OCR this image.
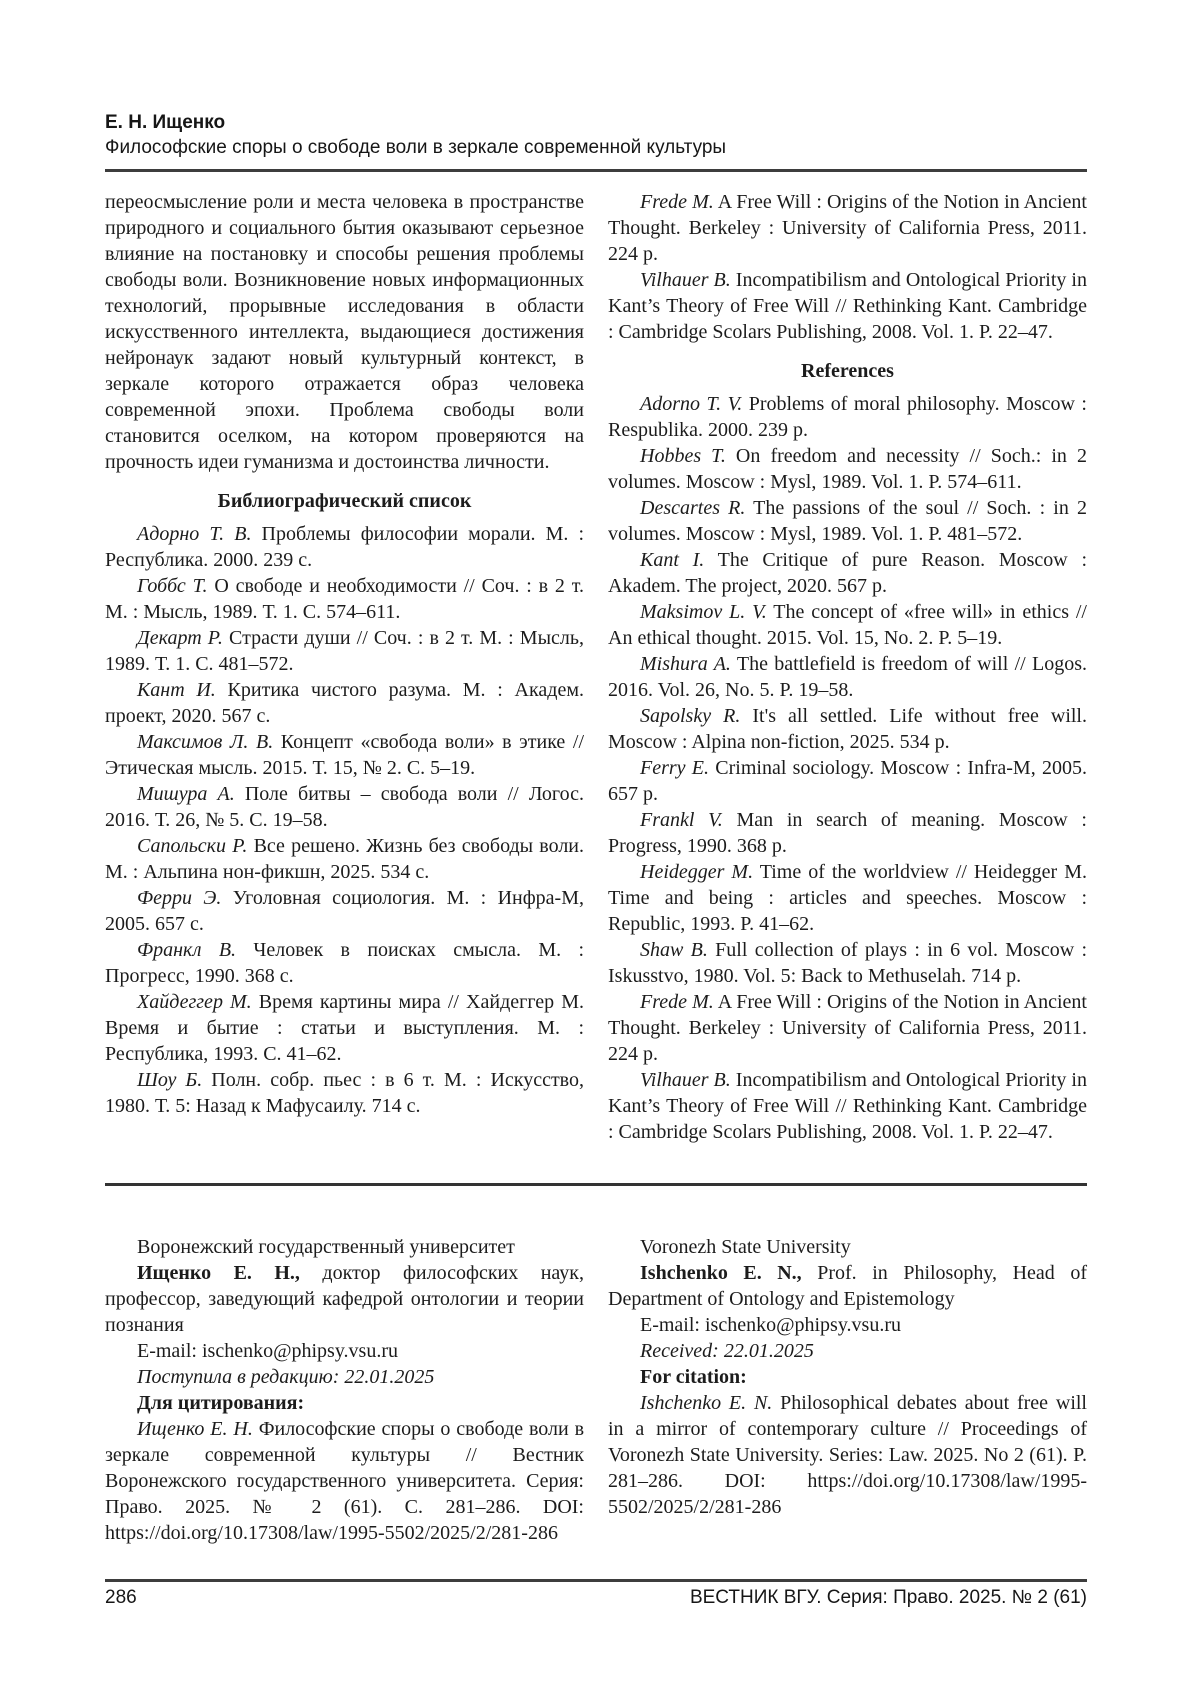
Е. Н. Ищенко
Философские споры о свободе воли в зеркале современной культуры

переосмысление роли и места человека в пространстве природного и социального бытия оказывают серьезное влияние на постановку и способы решения проблемы свободы воли. Возникновение новых информационных технологий, прорывные исследования в области искусственного интеллекта, выдающиеся достижения нейронаук задают новый культурный контекст, в зеркале которого отражается образ человека современной эпохи. Проблема свободы воли становится оселком, на котором проверяются на прочность идеи гуманизма и достоинства личности.

Библиографический список

Адорно Т. В. Проблемы философии морали. М. : Республика. 2000. 239 с.

Гоббс Т. О свободе и необходимости // Соч. : в 2 т. М. : Мысль, 1989. Т. 1. С. 574–611.

Декарт Р. Страсти души // Соч. : в 2 т. М. : Мысль, 1989. Т. 1. С. 481–572.

Кант И. Критика чистого разума. М. : Академ. проект, 2020. 567 с.

Максимов Л. В. Концепт «свобода воли» в этике // Этическая мысль. 2015. Т. 15, № 2. С. 5–19.

Мишура А. Поле битвы – свобода воли // Логос. 2016. Т. 26, № 5. С. 19–58.

Сапольски Р. Все решено. Жизнь без свободы воли. М. : Альпина нон-фикшн, 2025. 534 с.

Ферри Э. Уголовная социология. М. : Инфра-М, 2005. 657 с.

Франкл В. Человек в поисках смысла. М. : Прогресс, 1990. 368 с.

Хайдеггер М. Время картины мира // Хайдеггер М. Время и бытие : статьи и выступления. М. : Республика, 1993. С. 41–62.

Шоу Б. Полн. собр. пьес : в 6 т. М. : Искусство, 1980. Т. 5: Назад к Мафусаилу. 714 с.

Frede M. A Free Will : Origins of the Notion in Ancient Thought. Berkeley : University of California Press, 2011. 224 p.

Vilhauer B. Incompatibilism and Ontological Priority in Kant’s Theory of Free Will // Rethinking Kant. Cambridge : Cambridge Scolars Publishing, 2008. Vol. 1. P. 22–47.

References

Adorno T. V. Problems of moral philosophy. Moscow : Respublika. 2000. 239 p.

Hobbes T. On freedom and necessity // Soch.: in 2 volumes. Moscow : Mysl, 1989. Vol. 1. P. 574–611.

Descartes R. The passions of the soul // Soch. : in 2 volumes. Moscow : Mysl, 1989. Vol. 1. P. 481–572.

Kant I. The Critique of pure Reason. Moscow : Akadem. The project, 2020. 567 p.

Maksimov L. V. The concept of «free will» in ethics // An ethical thought. 2015. Vol. 15, No. 2. P. 5–19.

Mishura A. The battlefield is freedom of will // Logos. 2016. Vol. 26, No. 5. P. 19–58.

Sapolsky R. It's all settled. Life without free will. Moscow : Alpina non-fiction, 2025. 534 p.

Ferry E. Criminal sociology. Moscow : Infra-M, 2005. 657 p.

Frankl V. Man in search of meaning. Moscow : Progress, 1990. 368 p.

Heidegger M. Time of the worldview // Heidegger M. Time and being : articles and speeches. Moscow : Republic, 1993. P. 41–62.

Shaw B. Full collection of plays : in 6 vol. Moscow : Iskusstvo, 1980. Vol. 5: Back to Methuselah. 714 p.

Frede M. A Free Will : Origins of the Notion in Ancient Thought. Berkeley : University of California Press, 2011. 224 p.

Vilhauer B. Incompatibilism and Ontological Priority in Kant’s Theory of Free Will // Rethinking Kant. Cambridge : Cambridge Scolars Publishing, 2008. Vol. 1. P. 22–47.

Воронежский государственный университет

Ищенко Е. Н., доктор философских наук, профессор, заведующий кафедрой онтологии и теории познания

E-mail: ischenko@phipsy.vsu.ru

Поступила в редакцию: 22.01.2025

Для цитирования:

Ищенко Е. Н. Философские споры о свободе воли в зеркале современной культуры // Вестник Воронежского государственного университета. Серия: Право. 2025. № 2 (61). С. 281–286. DOI: https://doi.org/10.17308/law/1995-5502/2025/2/281-286

Voronezh State University

Ishchenko E. N., Prof. in Philosophy, Head of Department of Ontology and Epistemology

E-mail: ischenko@phipsy.vsu.ru

Received: 22.01.2025

For citation:

Ishchenko E. N. Philosophical debates about free will in a mirror of contemporary culture // Proceedings of Voronezh State University. Series: Law. 2025. No 2 (61). P. 281–286. DOI: https://doi.org/10.17308/law/1995-5502/2025/2/281-286

286	ВЕСТНИК ВГУ. Серия: Право. 2025. № 2 (61)
